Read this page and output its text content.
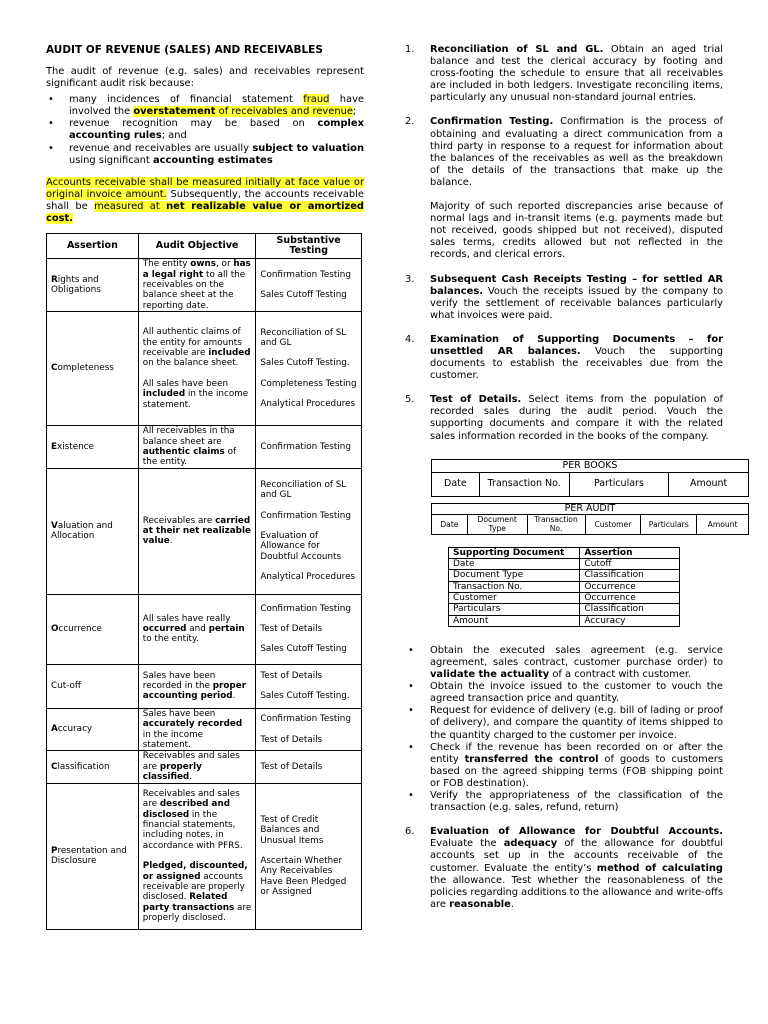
AUDIT OF REVENUE (SALES) AND RECEIVABLES

The audit of revenue (e.g. sales) and receivables represent significant audit risk because:

• many incidences of financial statement fraud have involved the overstatement of receivables and revenue;
• revenue recognition may be based on complex accounting rules; and
• revenue and receivables are usually subject to valuation using significant accounting estimates

Accounts receivable shall be measured initially at face value or original invoice amount. Subsequently, the accounts receivable shall be measured at net realizable value or amortized cost.

Assertion	Audit Objective	Substantive Testing
Rights and Obligations	The entity owns, or has a legal right to all the receivables on the balance sheet at the reporting date.	Confirmation Testing
Sales Cutoff Testing
Completeness	All authentic claims of the entity for amounts receivable are included on the balance sheet.
All sales have been included in the income statement.	Reconciliation of SL and GL
Sales Cutoff Testing.
Completeness Testing
Analytical Procedures
Existence	All receivables in tha balance sheet are authentic claims of the entity.	Confirmation Testing
Valuation and Allocation	Receivables are carried at their net realizable value.	Reconciliation of SL and GL
Confirmation Testing
Evaluation of Allowance for Doubtful Accounts
Analytical Procedures
Occurrence	All sales have really occurred and pertain to the entity.	Confirmation Testing
Test of Details
Sales Cutoff Testing
Cut-off	Sales have been recorded in the proper accounting period.	Test of Details
Sales Cutoff Testing.
Accuracy	Sales have been accurately recorded in the income statement.	Confirmation Testing
Test of Details
Classification	Receivables and sales are properly classified.	Test of Details
Presentation and Disclosure	Receivables and sales are described and disclosed in the financial statements, including notes, in accordance with PFRS.
Pledged, discounted, or assigned accounts receivable are properly disclosed. Related party transactions are properly disclosed.	Test of Credit Balances and Unusual Items
Ascertain Whether Any Receivables Have Been Pledged or Assigned
1. Reconciliation of SL and GL. Obtain an aged trial balance and test the clerical accuracy by footing and cross-footing the schedule to ensure that all receivables are included in both ledgers. Investigate reconciling items, particularly any unusual non-standard journal entries.

2. Confirmation Testing. Confirmation is the process of obtaining and evaluating a direct communication from a third party in response to a request for information about the balances of the receivables as well as the breakdown of the details of the transactions that make up the balance.

Majority of such reported discrepancies arise because of normal lags and in-transit items (e.g. payments made but not received, goods shipped but not received), disputed sales terms, credits allowed but not reflected in the records, and clerical errors.

3. Subsequent Cash Receipts Testing – for settled AR balances. Vouch the receipts issued by the company to verify the settlement of receivable balances particularly what invoices were paid.

4. Examination of Supporting Documents – for unsettled AR balances. Vouch the supporting documents to establish the receivables due from the customer.

5. Test of Details. Select items from the population of recorded sales during the audit period. Vouch the supporting documents and compare it with the related sales information recorded in the books of the company.

PER BOOKS
Date	Transaction No.	Particulars	Amount
PER AUDIT
Date	Document Type	Transaction No.	Customer	Particulars	Amount
Supporting Document	Assertion
Date	Cutoff
Document Type	Classification
Transaction No.	Occurrence
Customer	Occurrence
Particulars	Classification
Amount	Accuracy
• Obtain the executed sales agreement (e.g. service agreement, sales contract, customer purchase order) to validate the actuality of a contract with customer.
• Obtain the invoice issued to the customer to vouch the agreed transaction price and quantity.
• Request for evidence of delivery (e.g. bill of lading or proof of delivery), and compare the quantity of items shipped to the quantity charged to the customer per invoice.
• Check if the revenue has been recorded on or after the entity transferred the control of goods to customers based on the agreed shipping terms (FOB shipping point or FOB destination).
• Verify the appropriateness of the classification of the transaction (e.g. sales, refund, return)
6. Evaluation of Allowance for Doubtful Accounts. Evaluate the adequacy of the allowance for doubtful accounts set up in the accounts receivable of the customer. Evaluate the entity’s method of calculating the allowance. Test whether the reasonableness of the policies regarding additions to the allowance and write-offs are reasonable.
